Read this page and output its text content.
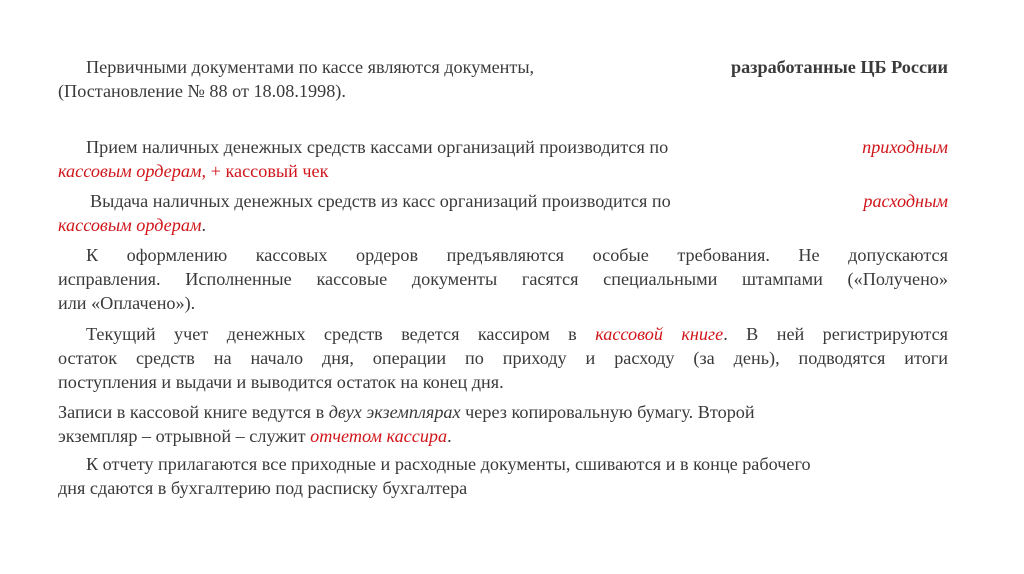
Первичными документами по кассе являются документы,	разработанные ЦБ России
(Постановление № 88 от 18.08.1998).
Прием наличных денежных средств кассами организаций производится по	приходным
кассовым ордерам, + кассовый чек
Выдача наличных денежных средств из касс организаций производится по	расходным
кассовым ордерам.
К оформлению кассовых ордеров предъявляются особые требования. Не допускаются
исправления. Исполненные кассовые документы гасятся специальными штампами («Получено»
или «Оплачено»).
Текущий учет денежных средств ведется кассиром в кассовой книге. В ней регистрируются
остаток средств на начало дня, операции по приходу и расходу (за день), подводятся итоги
поступления и выдачи и выводится остаток на конец дня.
Записи в кассовой книге ведутся в двух экземплярах через копировальную бумагу. Второй
экземпляр – отрывной – служит отчетом кассира.
К отчету прилагаются все приходные и расходные документы, сшиваются и в конце рабочего
дня сдаются в бухгалтерию под расписку бухгалтера
